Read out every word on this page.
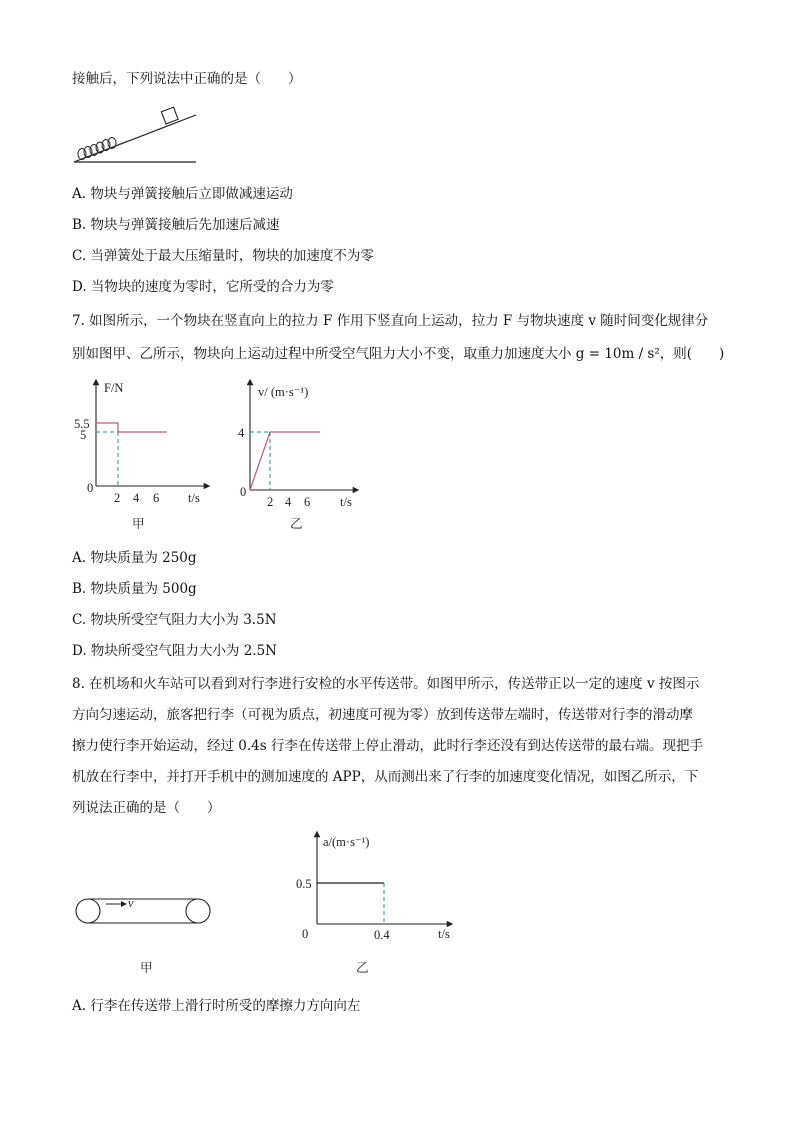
接触后，下列说法中正确的是（　　）
A. 物块与弹簧接触后立即做减速运动
B. 物块与弹簧接触后先加速后减速
C. 当弹簧处于最大压缩量时，物块的加速度不为零
D. 当物块的速度为零时，它所受的合力为零
7. 如图所示，一个物块在竖直向上的拉力 F 作用下竖直向上运动，拉力 F 与物块速度 v 随时间变化规律分
别如图甲、乙所示，物块向上运动过程中所受空气阻力大小不变，取重力加速度大小 g = 10m / s²，则(　　)
F/N
5.5
5
0
2 4 6 t/s
甲
v/ (m·s⁻¹)
4
0
2 4 6 t/s
乙
A. 物块质量为 250g
B. 物块质量为 500g
C. 物块所受空气阻力大小为 3.5N
D. 物块所受空气阻力大小为 2.5N
8. 在机场和火车站可以看到对行李进行安检的水平传送带。如图甲所示，传送带正以一定的速度 v 按图示
方向匀速运动，旅客把行李（可视为质点，初速度可视为零）放到传送带左端时，传送带对行李的滑动摩
擦力使行李开始运动，经过 0.4s 行李在传送带上停止滑动，此时行李还没有到达传送带的最右端。现把手
机放在行李中，并打开手机中的测加速度的 APP，从而测出来了行李的加速度变化情况，如图乙所示，下
列说法正确的是（　　）
v
甲
a/(m·s⁻¹)
0.5
0	0.4	t/s
乙
A. 行李在传送带上滑行时所受的摩擦力方向向左
